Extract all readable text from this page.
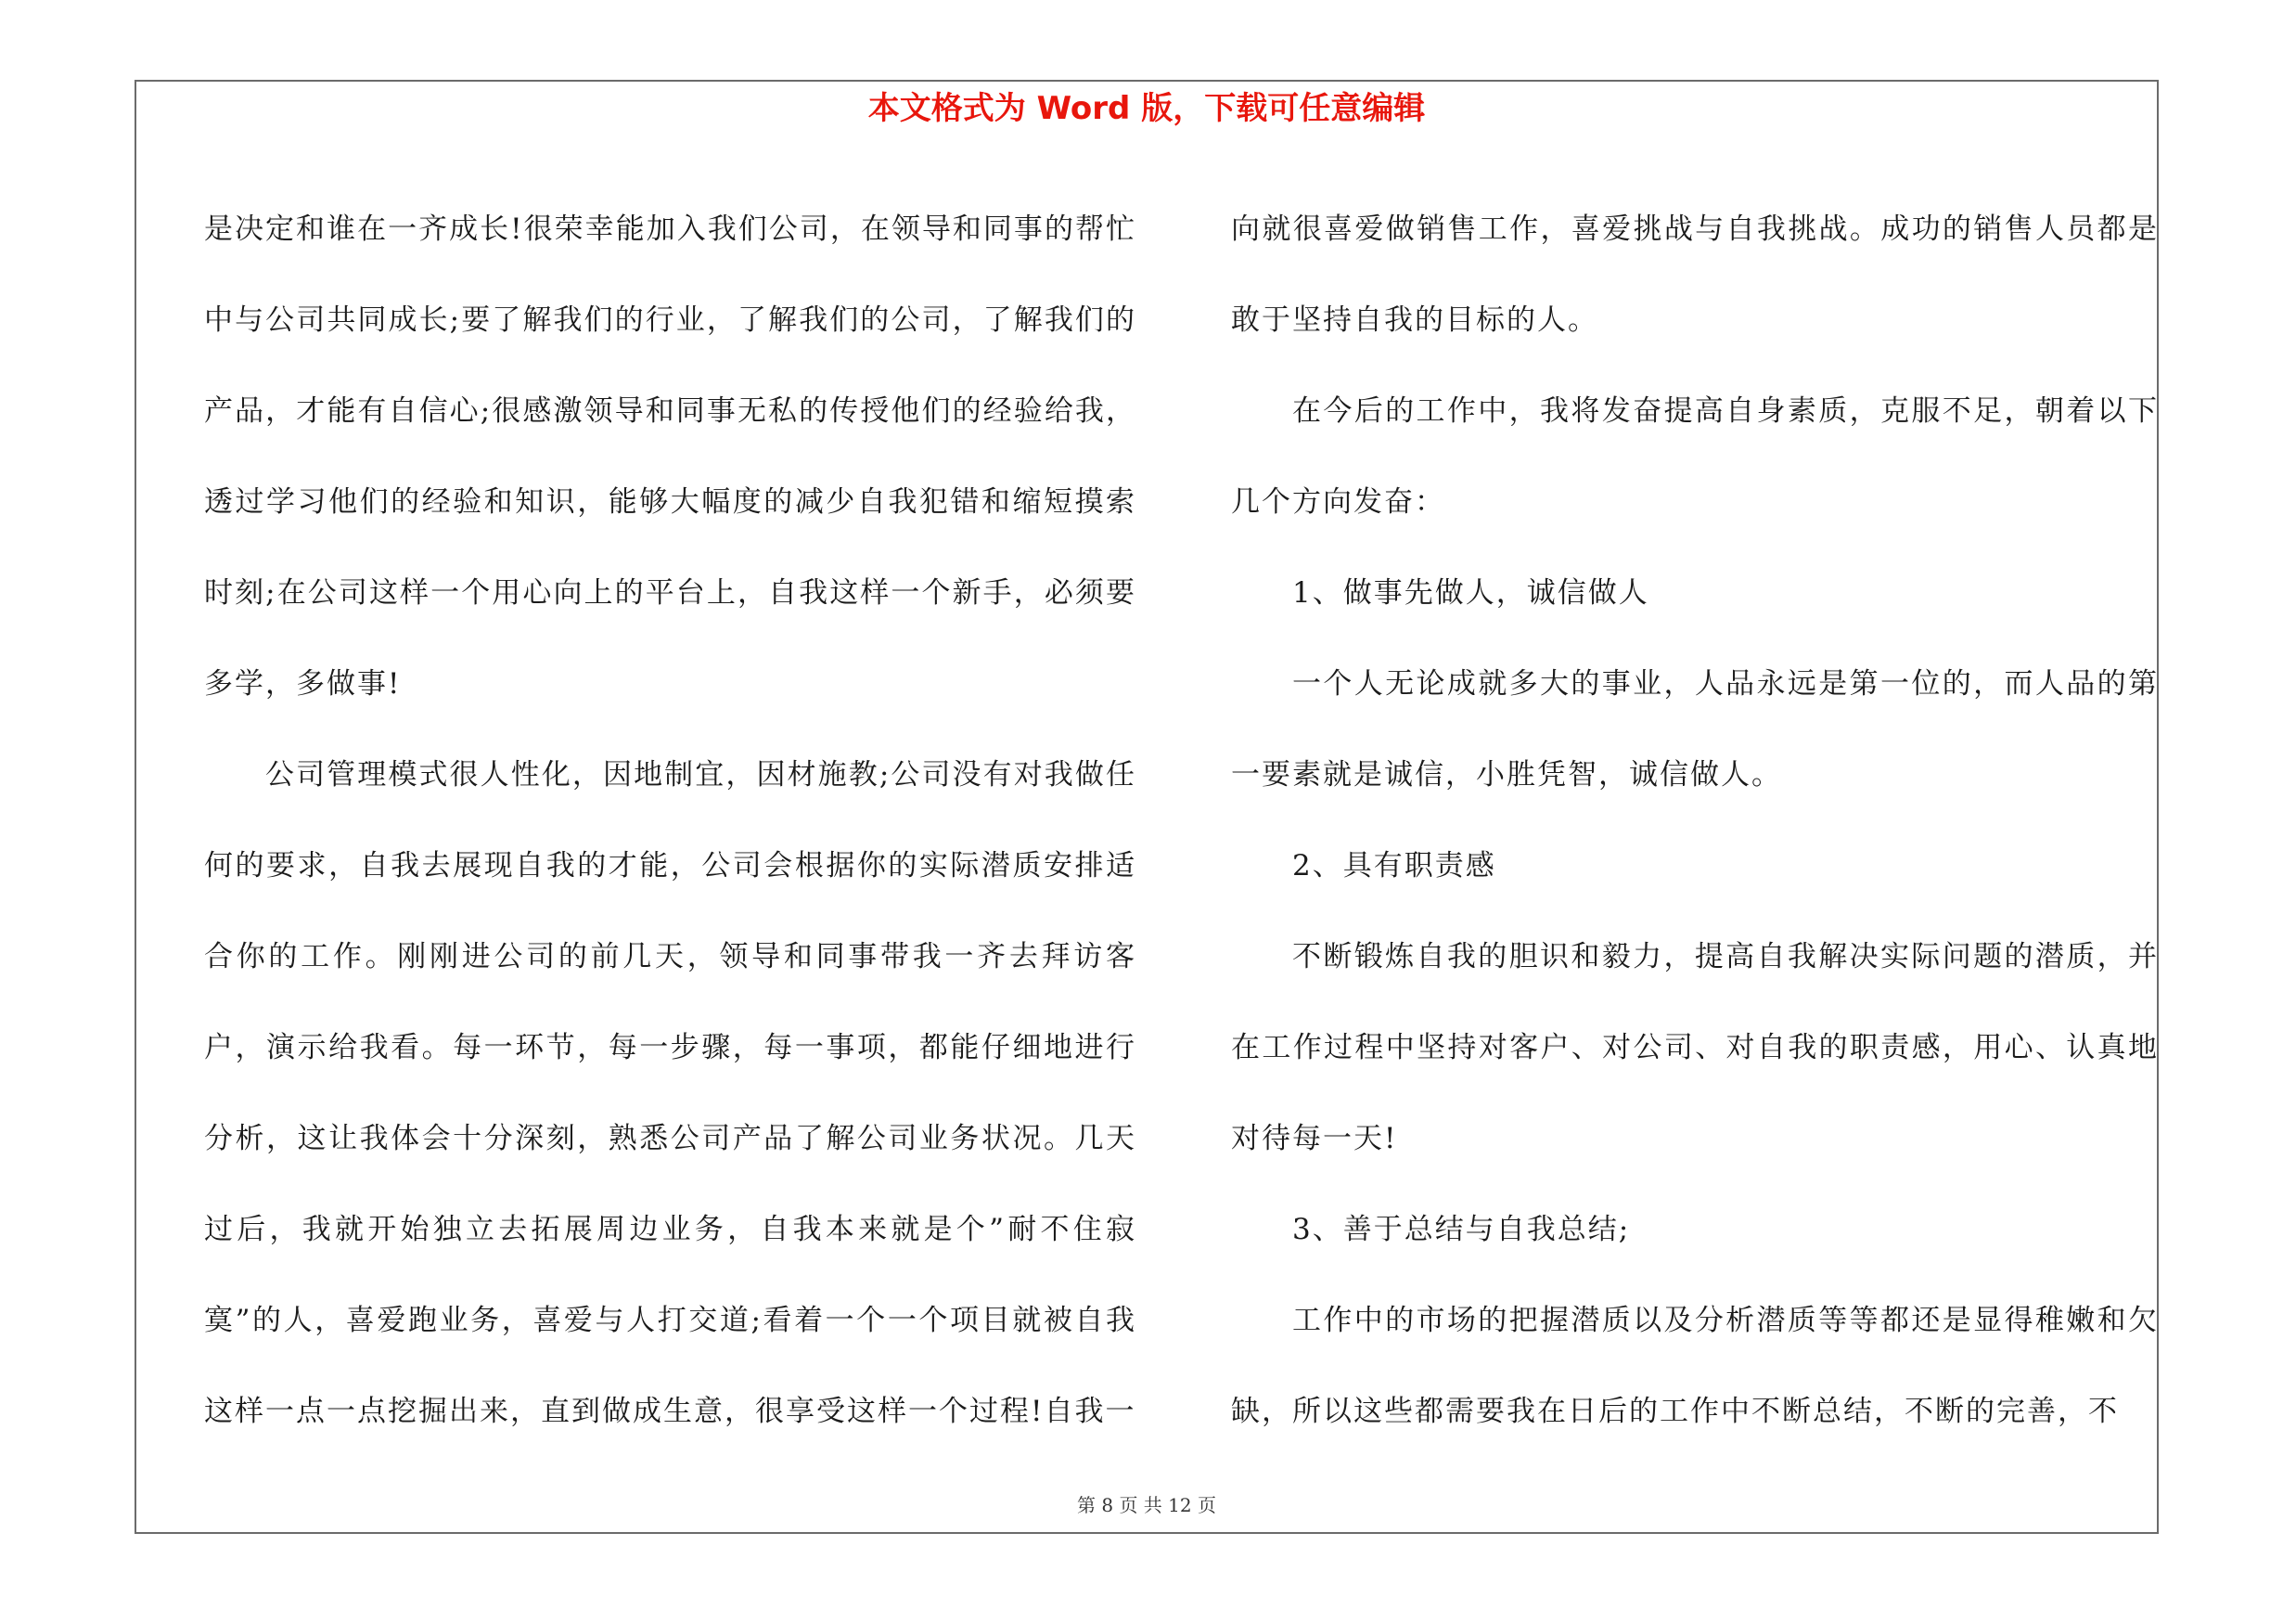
本文格式为 Word 版，下载可任意编辑

是决定和谁在一齐成长!很荣幸能加入我们公司，在领导和同事的帮忙中与公司共同成长;要了解我们的行业，了解我们的公司，了解我们的产品，才能有自信心;很感激领导和同事无私的传授他们的经验给我，透过学习他们的经验和知识，能够大幅度的减少自我犯错和缩短摸索时刻;在公司这样一个用心向上的平台上，自我这样一个新手，必须要多学，多做事!

公司管理模式很人性化，因地制宜，因材施教;公司没有对我做任何的要求，自我去展现自我的才能，公司会根据你的实际潜质安排适合你的工作。刚刚进公司的前几天，领导和同事带我一齐去拜访客户，演示给我看。每一环节，每一步骤，每一事项，都能仔细地进行分析，这让我体会十分深刻，熟悉公司产品了解公司业务状况。几天过后，我就开始独立去拓展周边业务，自我本来就是个”耐不住寂寞”的人，喜爱跑业务，喜爱与人打交道;看着一个一个项目就被自我这样一点一点挖掘出来，直到做成生意，很享受这样一个过程!自我一

向就很喜爱做销售工作，喜爱挑战与自我挑战。成功的销售人员都是敢于坚持自我的目标的人。

在今后的工作中，我将发奋提高自身素质，克服不足，朝着以下几个方向发奋：

1、做事先做人，诚信做人

一个人无论成就多大的事业，人品永远是第一位的，而人品的第一要素就是诚信，小胜凭智，诚信做人。

2、具有职责感

不断锻炼自我的胆识和毅力，提高自我解决实际问题的潜质，并在工作过程中坚持对客户、对公司、对自我的职责感，用心、认真地对待每一天!

3、善于总结与自我总结;

工作中的市场的把握潜质以及分析潜质等等都还是显得稚嫩和欠缺，所以这些都需要我在日后的工作中不断总结，不断的完善，不

第 8 页 共 12 页
